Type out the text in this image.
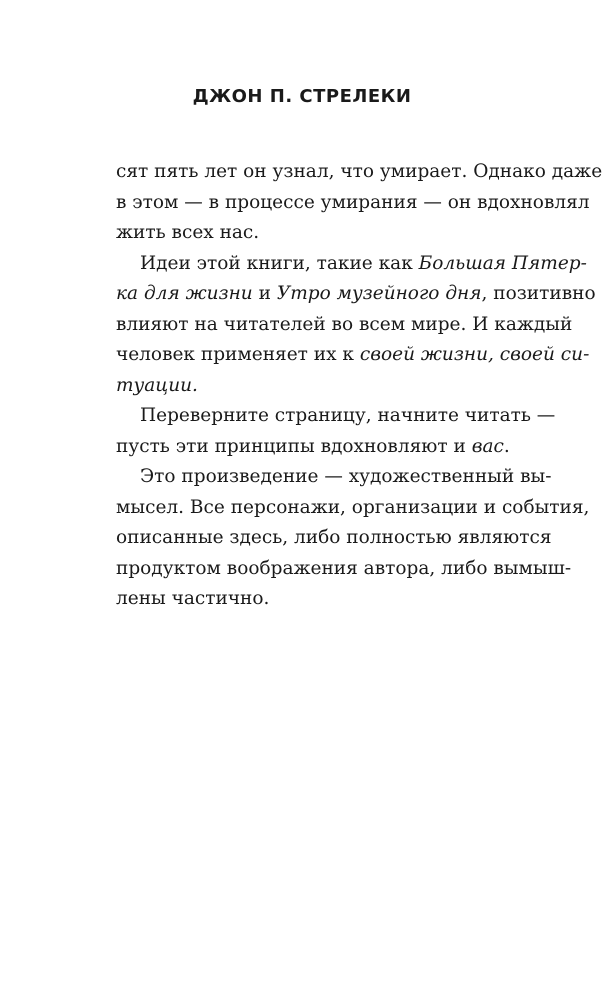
ДЖОН П. СТРЕЛЕКИ
сят пять лет он узнал, что умирает. Однако даже
в этом — в процессе умирания — он вдохновлял
жить всех нас.
Идеи этой книги, такие как Большая Пятер-
ка для жизни и Утро музейного дня, позитивно
влияют на читателей во всем мире. И каждый
человек применяет их к своей жизни, своей си-
туации.
Переверните страницу, начните читать —
пусть эти принципы вдохновляют и вас.
Это произведение — художественный вы-
мысел. Все персонажи, организации и события,
описанные здесь, либо полностью являются
продуктом воображения автора, либо вымыш-
лены частично.
